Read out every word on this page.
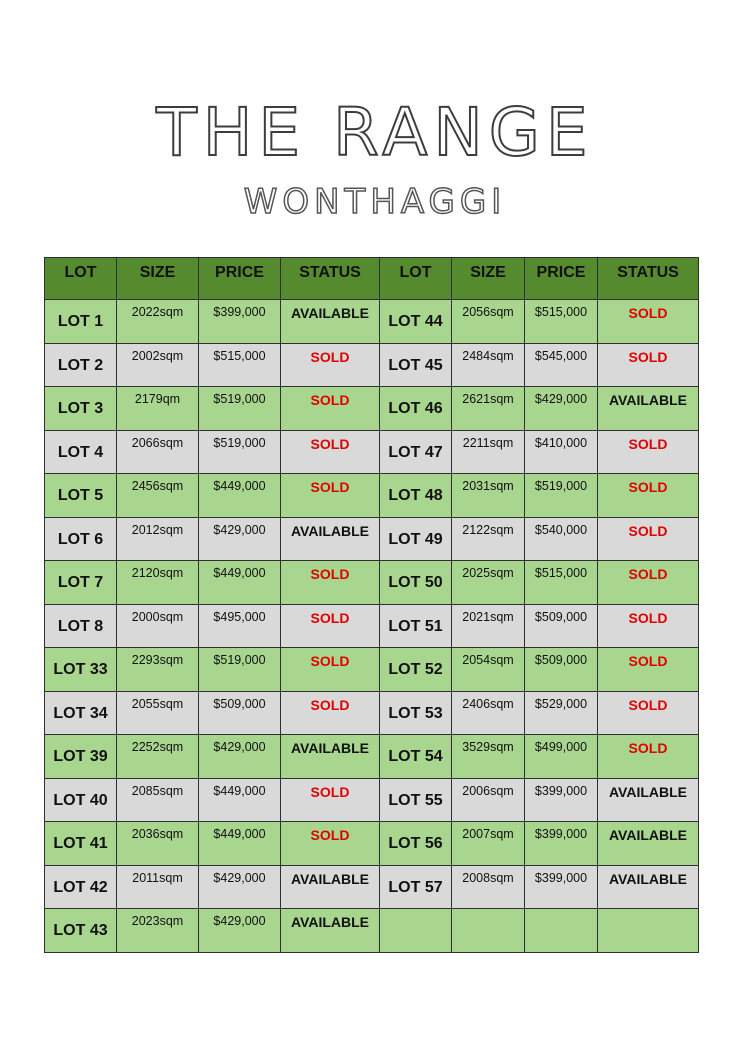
THE RANGE
WONTHAGGI
LOT	SIZE	PRICE	STATUS	LOT	SIZE	PRICE	STATUS
LOT 1	2022sqm	$399,000	AVAILABLE	LOT 44	2056sqm	$515,000	SOLD
LOT 2	2002sqm	$515,000	SOLD	LOT 45	2484sqm	$545,000	SOLD
LOT 3	2179qm	$519,000	SOLD	LOT 46	2621sqm	$429,000	AVAILABLE
LOT 4	2066sqm	$519,000	SOLD	LOT 47	2211sqm	$410,000	SOLD
LOT 5	2456sqm	$449,000	SOLD	LOT 48	2031sqm	$519,000	SOLD
LOT 6	2012sqm	$429,000	AVAILABLE	LOT 49	2122sqm	$540,000	SOLD
LOT 7	2120sqm	$449,000	SOLD	LOT 50	2025sqm	$515,000	SOLD
LOT 8	2000sqm	$495,000	SOLD	LOT 51	2021sqm	$509,000	SOLD
LOT 33	2293sqm	$519,000	SOLD	LOT 52	2054sqm	$509,000	SOLD
LOT 34	2055sqm	$509,000	SOLD	LOT 53	2406sqm	$529,000	SOLD
LOT 39	2252sqm	$429,000	AVAILABLE	LOT 54	3529sqm	$499,000	SOLD
LOT 40	2085sqm	$449,000	SOLD	LOT 55	2006sqm	$399,000	AVAILABLE
LOT 41	2036sqm	$449,000	SOLD	LOT 56	2007sqm	$399,000	AVAILABLE
LOT 42	2011sqm	$429,000	AVAILABLE	LOT 57	2008sqm	$399,000	AVAILABLE
LOT 43	2023sqm	$429,000	AVAILABLE				
